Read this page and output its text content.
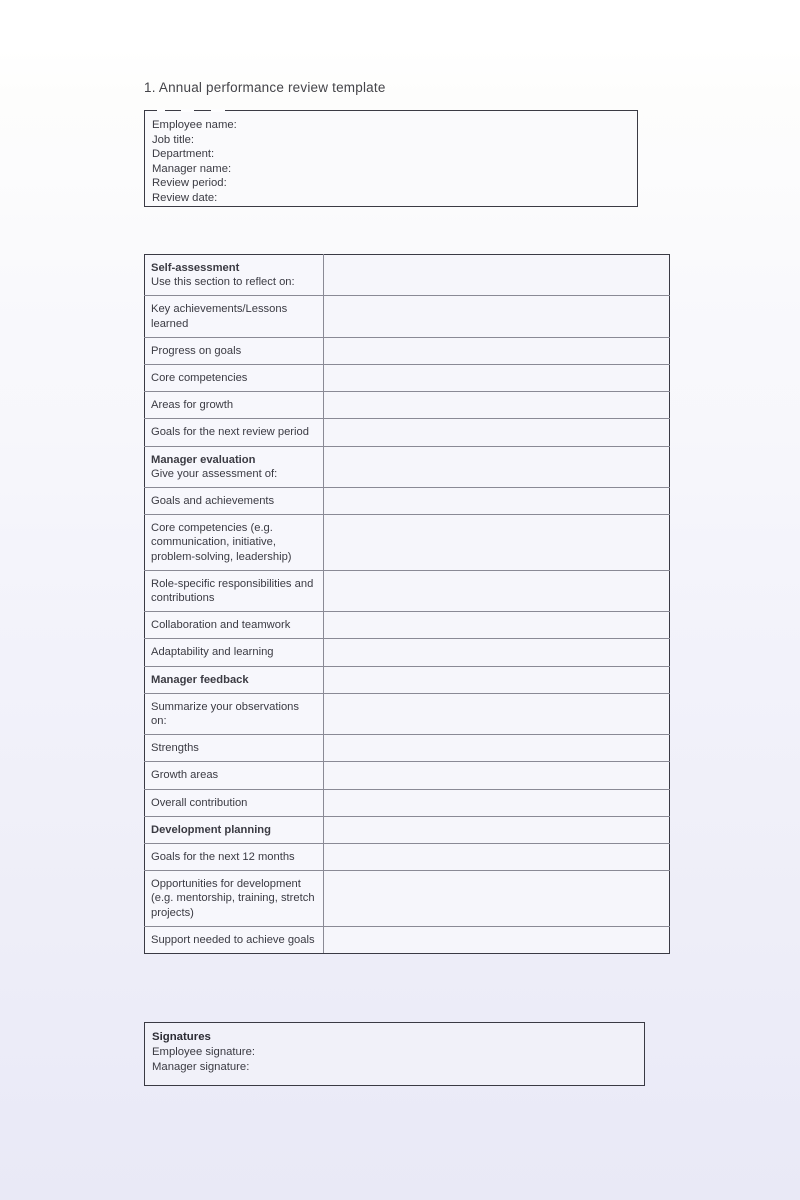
1. Annual performance review template
Employee name:
Job title:
Department:
Manager name:
Review period:
Review date:
Self-assessment
Use this section to reflect on:	

Key achievements/Lessons learned	

Progress on goals	

Core competencies	

Areas for growth	

Goals for the next review period	

Manager evaluation
Give your assessment of:	

Goals and achievements	

Core competencies (e.g. communication, initiative, problem-solving, leadership)	

Role-specific responsibilities and contributions	

Collaboration and teamwork	

Adaptability and learning	

Manager feedback	

Summarize your observations on:	

Strengths	

Growth areas	

Overall contribution	

Development planning	

Goals for the next 12 months	

Opportunities for development (e.g. mentorship, training, stretch projects)	

Support needed to achieve goals	

Signatures
Employee signature:
Manager signature:
